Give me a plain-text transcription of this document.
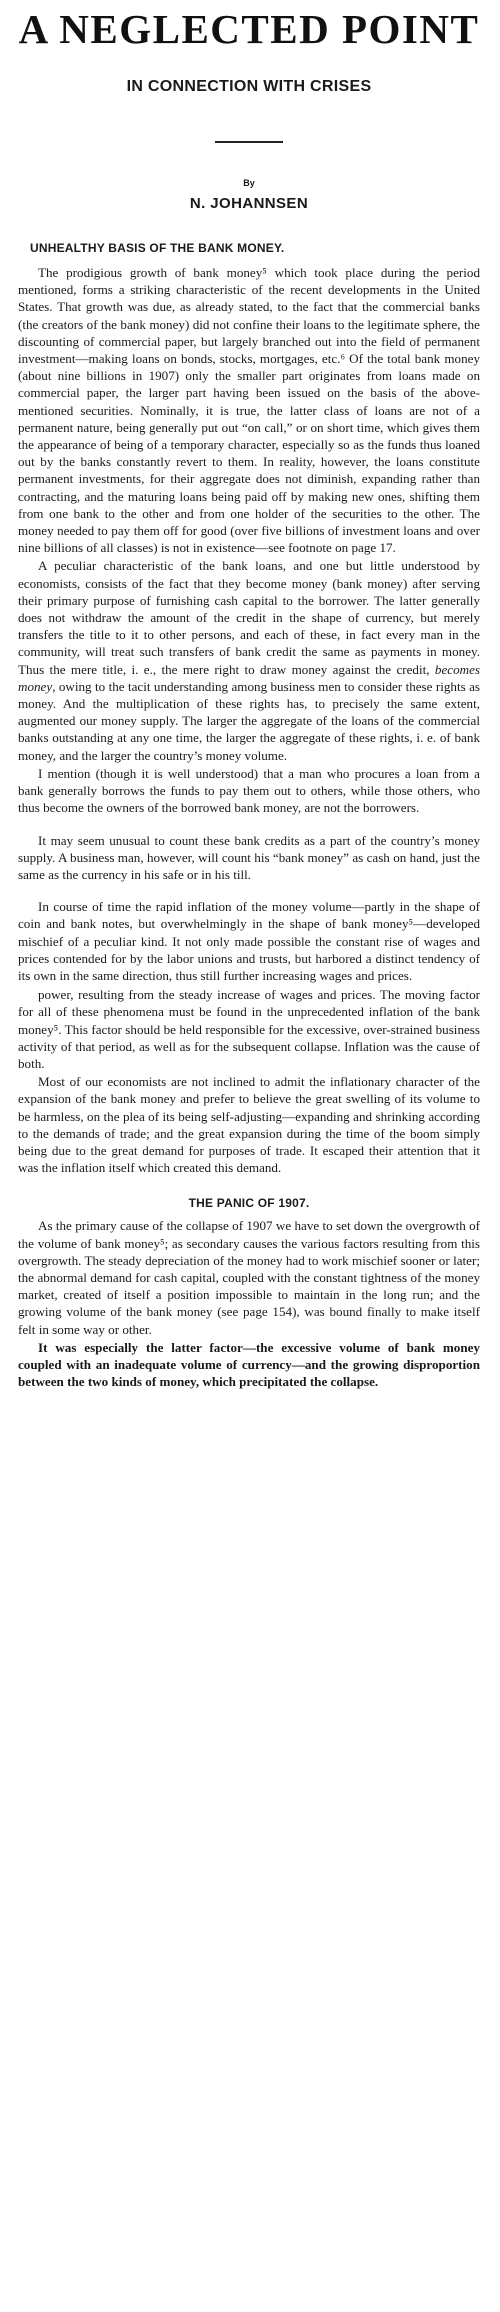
A NEGLECTED POINT
IN CONNECTION WITH CRISES
By
N. JOHANNSEN
UNHEALTHY BASIS OF THE BANK MONEY.

The prodigious growth of bank money⁵ which took place during the period mentioned, forms a striking characteristic of the recent developments in the United States. That growth was due, as already stated, to the fact that the commercial banks (the creators of the bank money) did not confine their loans to the legitimate sphere, the discounting of commercial paper, but largely branched out into the field of permanent investment—making loans on bonds, stocks, mortgages, etc.⁶ Of the total bank money (about nine billions in 1907) only the smaller part originates from loans made on commercial paper, the larger part having been issued on the basis of the above-mentioned securities. Nominally, it is true, the latter class of loans are not of a permanent nature, being generally put out “on call,” or on short time, which gives them the appearance of being of a temporary character, especially so as the funds thus loaned out by the banks constantly revert to them. In reality, however, the loans constitute permanent investments, for their aggregate does not diminish, expanding rather than contracting, and the maturing loans being paid off by making new ones, shifting them from one bank to the other and from one holder of the securities to the other. The money needed to pay them off for good (over five billions of investment loans and over nine billions of all classes) is not in existence—see footnote on page 17.

A peculiar characteristic of the bank loans, and one but little understood by economists, consists of the fact that they become money (bank money) after serving their primary purpose of furnishing cash capital to the borrower. The latter generally does not withdraw the amount of the credit in the shape of currency, but merely transfers the title to it to other persons, and each of these, in fact every man in the community, will treat such transfers of bank credit the same as payments in money. Thus the mere title, i. e., the mere right to draw money against the credit, becomes money, owing to the tacit understanding among business men to consider these rights as money. And the multiplication of these rights has, to precisely the same extent, augmented our money supply. The larger the aggregate of the loans of the commercial banks outstanding at any one time, the larger the aggregate of these rights, i. e. of bank money, and the larger the country’s money volume.

I mention (though it is well understood) that a man who procures a loan from a bank generally borrows the funds to pay them out to others, while those others, who thus become the owners of the borrowed bank money, are not the borrowers.

It may seem unusual to count these bank credits as a part of the country’s money supply. A business man, however, will count his “bank money” as cash on hand, just the same as the currency in his safe or in his till.

In course of time the rapid inflation of the money volume—partly in the shape of coin and bank notes, but overwhelmingly in the shape of bank money⁵—developed mischief of a peculiar kind. It not only made possible the constant rise of wages and prices contended for by the labor unions and trusts, but harbored a distinct tendency of its own in the same direction, thus still further increasing wages and prices.

power, resulting from the steady increase of wages and prices. The moving factor for all of these phenomena must be found in the unprecedented inflation of the bank money⁵. This factor should be held responsible for the excessive, over-strained business activity of that period, as well as for the subsequent collapse. Inflation was the cause of both.

Most of our economists are not inclined to admit the inflationary character of the expansion of the bank money and prefer to believe the great swelling of its volume to be harmless, on the plea of its being self-adjusting—expanding and shrinking according to the demands of trade; and the great expansion during the time of the boom simply being due to the great demand for purposes of trade. It escaped their attention that it was the inflation itself which created this demand.

THE PANIC OF 1907.

As the primary cause of the collapse of 1907 we have to set down the overgrowth of the volume of bank money⁵; as secondary causes the various factors resulting from this overgrowth. The steady depreciation of the money had to work mischief sooner or later; the abnormal demand for cash capital, coupled with the constant tightness of the money market, created of itself a position impossible to maintain in the long run; and the growing volume of the bank money (see page 154), was bound finally to make itself felt in some way or other.

It was especially the latter factor—the excessive volume of bank money coupled with an inadequate volume of currency—and the growing disproportion between the two kinds of money, which precipitated the collapse.
